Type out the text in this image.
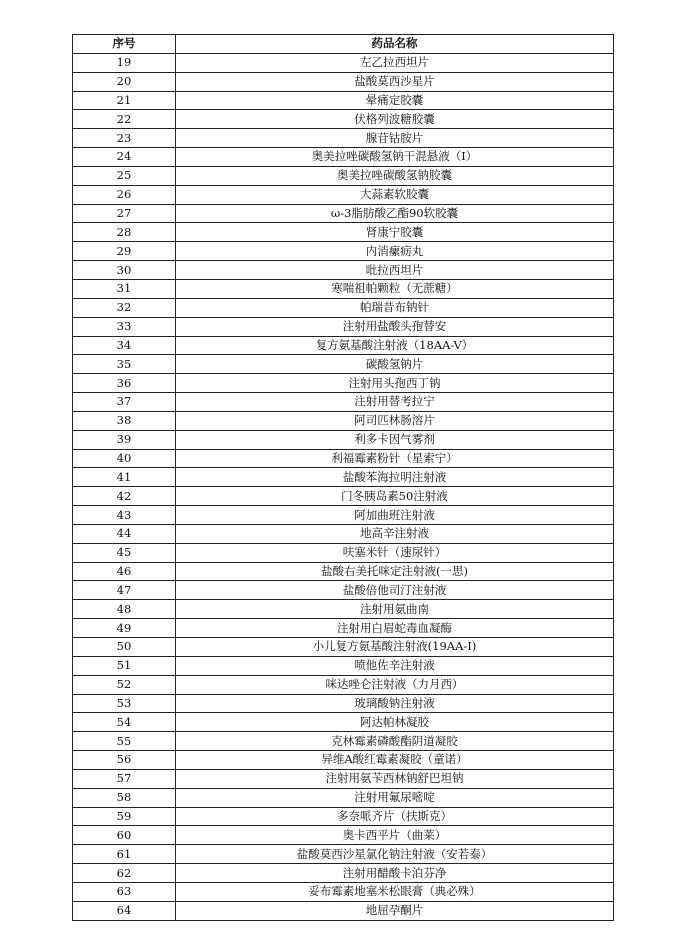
序号	药品名称
19	左乙拉西坦片
20	盐酸莫西沙星片
21	晕痛定胶囊
22	伏格列波糖胶囊
23	腺苷钴胺片
24	奥美拉唑碳酸氢钠干混悬液（Ⅰ）
25	奥美拉唑碳酸氢钠胶囊
26	大蒜素软胶囊
27	ω-3脂肪酸乙酯90软胶囊
28	肾康宁胶囊
29	内消瘰疬丸
30	吡拉西坦片
31	寒喘祖帕颗粒（无蔗糖）
32	帕瑞昔布钠针
33	注射用盐酸头孢替安
34	复方氨基酸注射液（18AA-V）
35	碳酸氢钠片
36	注射用头孢西丁钠
37	注射用替考拉宁
38	阿司匹林肠溶片
39	利多卡因气雾剂
40	利福霉素粉针（星索宁）
41	盐酸苯海拉明注射液
42	门冬胰岛素50注射液
43	阿加曲班注射液
44	地高辛注射液
45	呋塞米针（速尿针）
46	盐酸右美托咪定注射液(一思)
47	盐酸倍他司汀注射液
48	注射用氨曲南
49	注射用白眉蛇毒血凝酶
50	小儿复方氨基酸注射液(19AA-I)
51	喷他佐辛注射液
52	咪达唑仑注射液（力月西）
53	玻璃酸钠注射液
54	阿达帕林凝胶
55	克林霉素磷酸酯阴道凝胶
56	异维A酸红霉素凝胶（童诺）
57	注射用氨苄西林钠舒巴坦钠
58	注射用氟尿嘧啶
59	多奈哌齐片（扶斯克）
60	奥卡西平片（曲莱）
61	盐酸莫西沙星氯化钠注射液（安若泰）
62	注射用醋酸卡泊芬净
63	妥布霉素地塞米松眼膏（典必殊）
64	地屈孕酮片
